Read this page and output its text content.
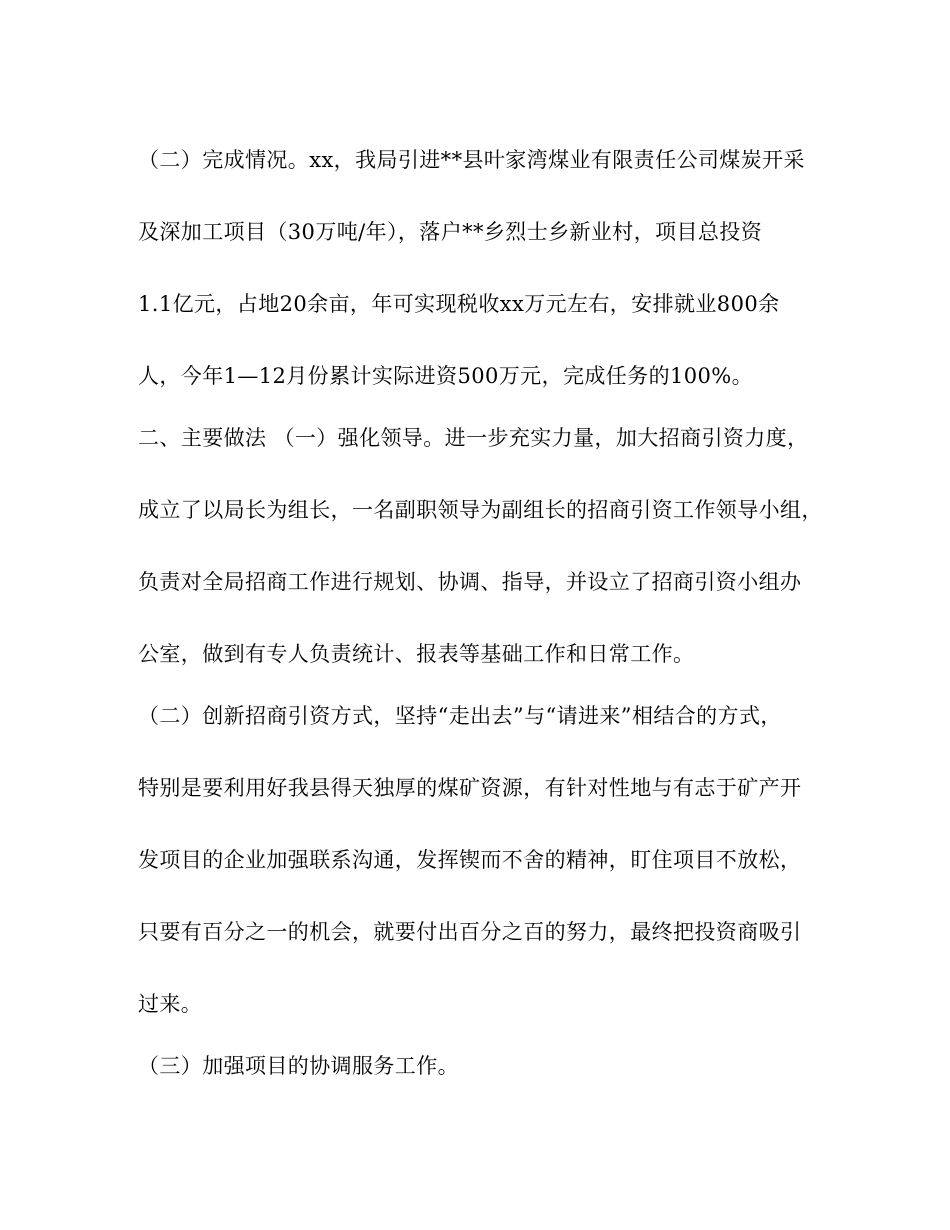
（二）完成情况。xx，我局引进**县叶家湾煤业有限责任公司煤炭开采
及深加工项目（30万吨/年），落户**乡烈士乡新业村，项目总投资
1.1亿元，占地20余亩，年可实现税收xx万元左右，安排就业800余
人，今年1—12月份累计实际进资500万元，完成任务的100%。
二、主要做法 （一）强化领导。进一步充实力量，加大招商引资力度，
成立了以局长为组长，一名副职领导为副组长的招商引资工作领导小组，
负责对全局招商工作进行规划、协调、指导，并设立了招商引资小组办
公室，做到有专人负责统计、报表等基础工作和日常工作。
（二）创新招商引资方式，坚持“走出去”与“请进来”相结合的方式，
特别是要利用好我县得天独厚的煤矿资源，有针对性地与有志于矿产开
发项目的企业加强联系沟通，发挥锲而不舍的精神，盯住项目不放松，
只要有百分之一的机会，就要付出百分之百的努力，最终把投资商吸引
过来。
（三）加强项目的协调服务工作。
